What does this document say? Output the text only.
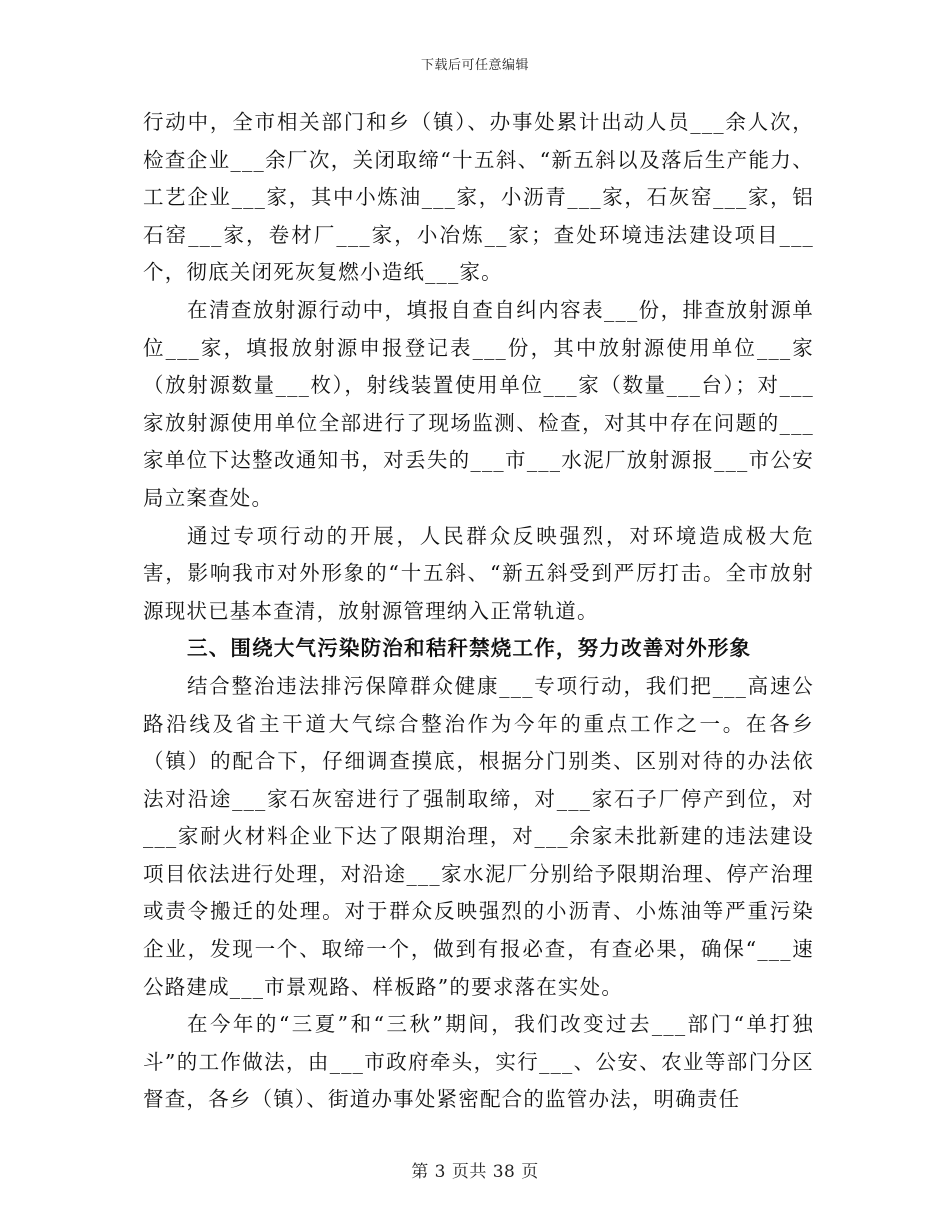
下载后可任意编辑

行动中，全市相关部门和乡（镇）、办事处累计出动人员___余人次，检查企业___余厂次，关闭取缔“十五斜、“新五斜以及落后生产能力、工艺企业___家，其中小炼油___家，小沥青___家，石灰窑___家，铝石窑___家，卷材厂___家，小冶炼__家；查处环境违法建设项目___个，彻底关闭死灰复燃小造纸___家。

在清查放射源行动中，填报自查自纠内容表___份，排查放射源单位___家，填报放射源申报登记表___份，其中放射源使用单位___家（放射源数量___枚），射线装置使用单位___家（数量___台）；对___家放射源使用单位全部进行了现场监测、检查，对其中存在问题的___家单位下达整改通知书，对丢失的___市___水泥厂放射源报___市公安局立案查处。

通过专项行动的开展，人民群众反映强烈，对环境造成极大危害，影响我市对外形象的“十五斜、“新五斜受到严厉打击。全市放射源现状已基本查清，放射源管理纳入正常轨道。

三、围绕大气污染防治和秸秆禁烧工作，努力改善对外形象

结合整治违法排污保障群众健康___专项行动，我们把___高速公路沿线及省主干道大气综合整治作为今年的重点工作之一。在各乡（镇）的配合下，仔细调查摸底，根据分门别类、区别对待的办法依法对沿途___家石灰窑进行了强制取缔，对___家石子厂停产到位，对___家耐火材料企业下达了限期治理，对___余家未批新建的违法建设项目依法进行处理，对沿途___家水泥厂分别给予限期治理、停产治理或责令搬迁的处理。对于群众反映强烈的小沥青、小炼油等严重污染企业，发现一个、取缔一个，做到有报必查，有查必果，确保“___速公路建成___市景观路、样板路”的要求落在实处。

在今年的“三夏”和“三秋”期间，我们改变过去___部门“单打独斗”的工作做法，由___市政府牵头，实行___、公安、农业等部门分区督查，各乡（镇）、街道办事处紧密配合的监管办法，明确责任

第 3 页共 38 页
